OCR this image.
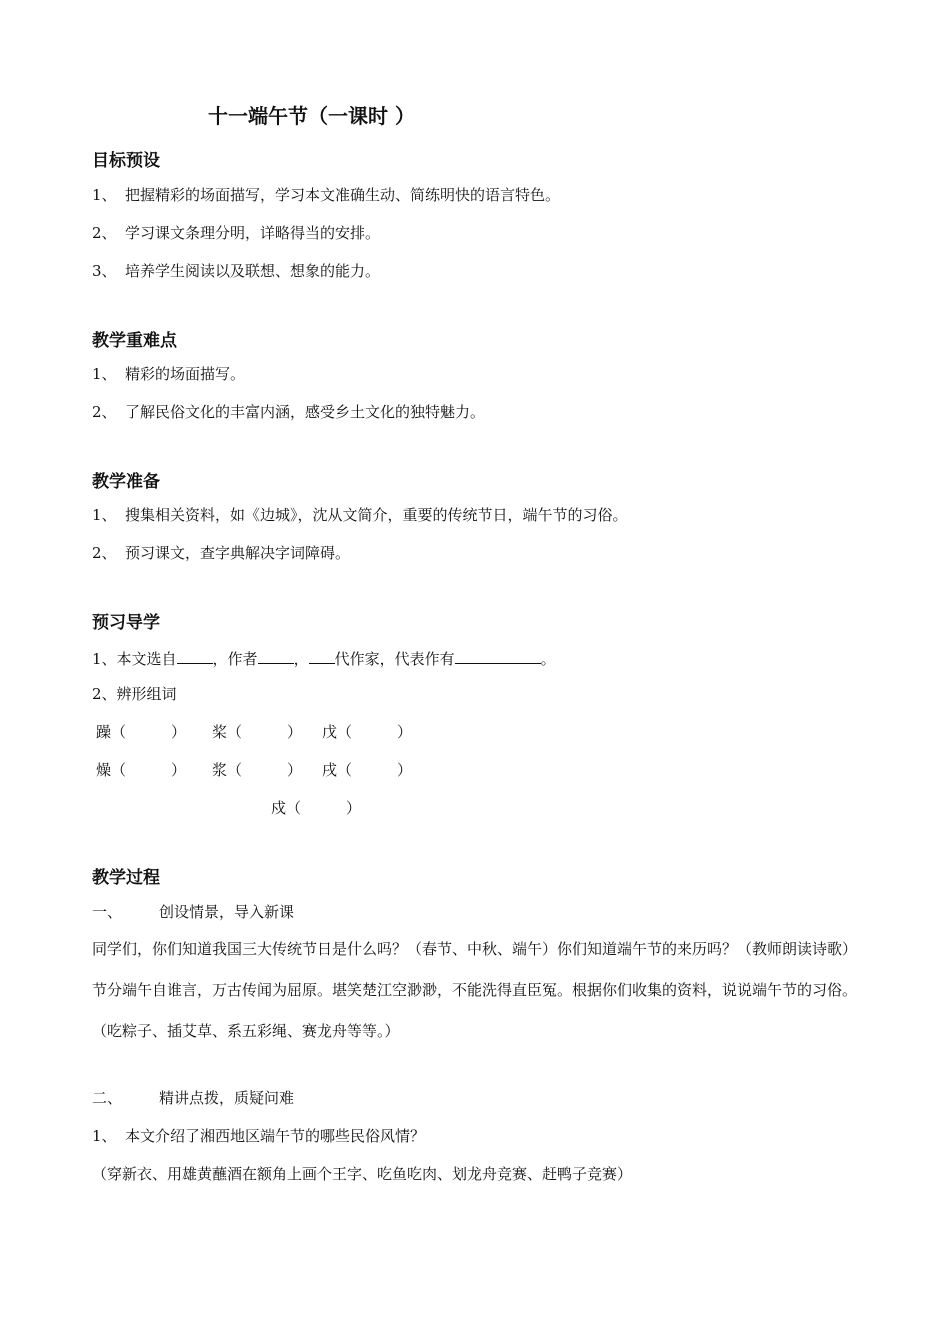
十一端午节（一课时 ）
目标预设
1、 把握精彩的场面描写，学习本文准确生动、简练明快的语言特色。
2、 学习课文条理分明，详略得当的安排。
3、 培养学生阅读以及联想、想象的能力。
教学重难点
1、 精彩的场面描写。
2、 了解民俗文化的丰富内涵，感受乡土文化的独特魅力。
教学准备
1、 搜集相关资料，如《边城》，沈从文简介，重要的传统节日，端午节的习俗。
2、 预习课文，查字典解决字词障碍。
预习导学
1、本文选自 ，作者 ， 代作家，代表作有	。
2、辨形组词
躁（　　　） 桨（　　　） 戊（　　　）
燥（　　　） 浆（　　　） 戌（　　　）
戍（　　　）
教学过程
一、 创设情景，导入新课
同学们，你们知道我国三大传统节日是什么吗？（春节、中秋、端午）你们知道端午节的来历吗？（教师朗读诗歌）节分端午自谁言，万古传闻为屈原。堪笑楚江空渺渺，不能洗得直臣冤。根据你们收集的资料，说说端午节的习俗。（吃粽子、插艾草、系五彩绳、赛龙舟等等。）
二、 精讲点拨，质疑问难
1、 本文介绍了湘西地区端午节的哪些民俗风情？
（穿新衣、用雄黄蘸酒在额角上画个王字、吃鱼吃肉、划龙舟竞赛、赶鸭子竞赛）
